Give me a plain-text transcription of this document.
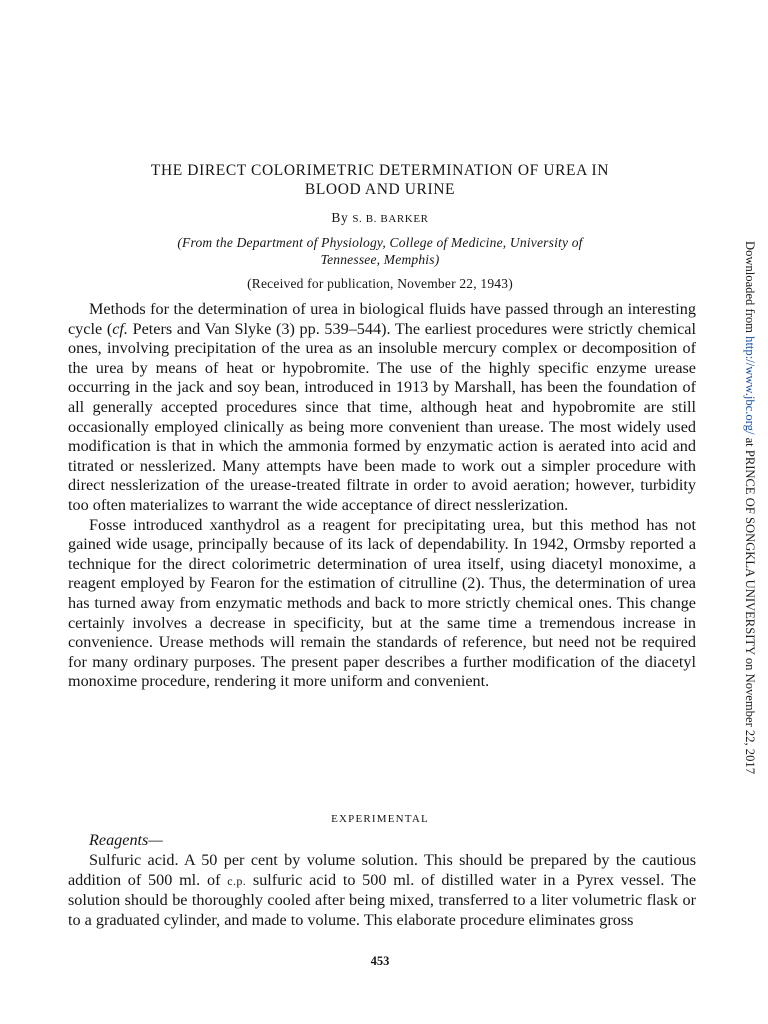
THE DIRECT COLORIMETRIC DETERMINATION OF UREA IN
BLOOD AND URINE
By S. B. BARKER
(From the Department of Physiology, College of Medicine, University of
Tennessee, Memphis)
(Received for publication, November 22, 1943)

Methods for the determination of urea in biological fluids have passed through an interesting cycle (cf. Peters and Van Slyke (3) pp. 539–544). The earliest procedures were strictly chemical ones, involving precipitation of the urea as an insoluble mercury complex or decomposition of the urea by means of heat or hypobromite. The use of the highly specific enzyme urease occurring in the jack and soy bean, introduced in 1913 by Marshall, has been the foundation of all generally accepted procedures since that time, although heat and hypobromite are still occasionally employed clinically as being more convenient than urease. The most widely used modification is that in which the ammonia formed by enzymatic action is aerated into acid and titrated or nesslerized. Many attempts have been made to work out a simpler procedure with direct nesslerization of the urease-treated filtrate in order to avoid aeration; however, turbidity too often materializes to warrant the wide acceptance of direct nesslerization.

Fosse introduced xanthydrol as a reagent for precipitating urea, but this method has not gained wide usage, principally because of its lack of dependability. In 1942, Ormsby reported a technique for the direct colorimetric determination of urea itself, using diacetyl monoxime, a reagent employed by Fearon for the estimation of citrulline (2). Thus, the determination of urea has turned away from enzymatic methods and back to more strictly chemical ones. This change certainly involves a decrease in specificity, but at the same time a tremendous increase in convenience. Urease methods will remain the standards of reference, but need not be required for many ordinary purposes. The present paper describes a further modification of the diacetyl monoxime procedure, rendering it more uniform and convenient.

EXPERIMENTAL
Reagents—

Sulfuric acid. A 50 per cent by volume solution. This should be prepared by the cautious addition of 500 ml. of c.p. sulfuric acid to 500 ml. of distilled water in a Pyrex vessel. The solution should be thoroughly cooled after being mixed, transferred to a liter volumetric flask or to a graduated cylinder, and made to volume. This elaborate procedure eliminates gross

453
Downloaded from http://www.jbc.org/ at PRINCE OF SONGKLA UNIVERSITY on November 22, 2017
